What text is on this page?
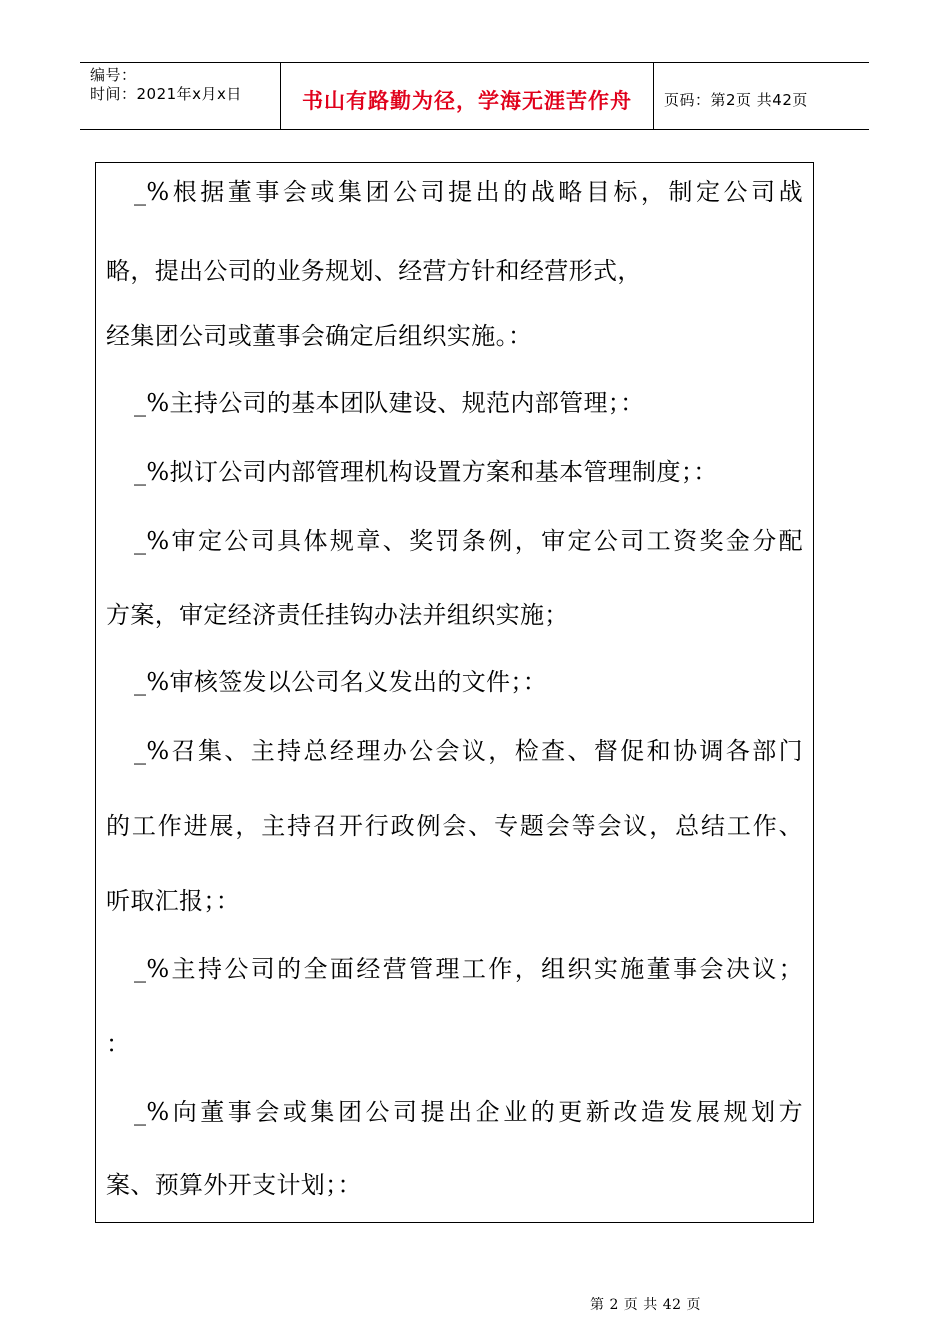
编号：
时间：2021年x月x日	书山有路勤为径，学海无涯苦作舟	页码：第2页 共42页
_%根据董事会或集团公司提出的战略目标，制定公司战
略，提出公司的业务规划、经营方针和经营形式，
经集团公司或董事会确定后组织实施。：
_%主持公司的基本团队建设、规范内部管理；：
_%拟订公司内部管理机构设置方案和基本管理制度；：
_%审定公司具体规章、奖罚条例，审定公司工资奖金分配
方案，审定经济责任挂钩办法并组织实施；
_%审核签发以公司名义发出的文件；：
_%召集、主持总经理办公会议，检查、督促和协调各部门
的工作进展，主持召开行政例会、专题会等会议，总结工作、
听取汇报；：
_%主持公司的全面经营管理工作，组织实施董事会决议；
：
_%向董事会或集团公司提出企业的更新改造发展规划方
案、预算外开支计划；：
第 2 页 共 42 页
